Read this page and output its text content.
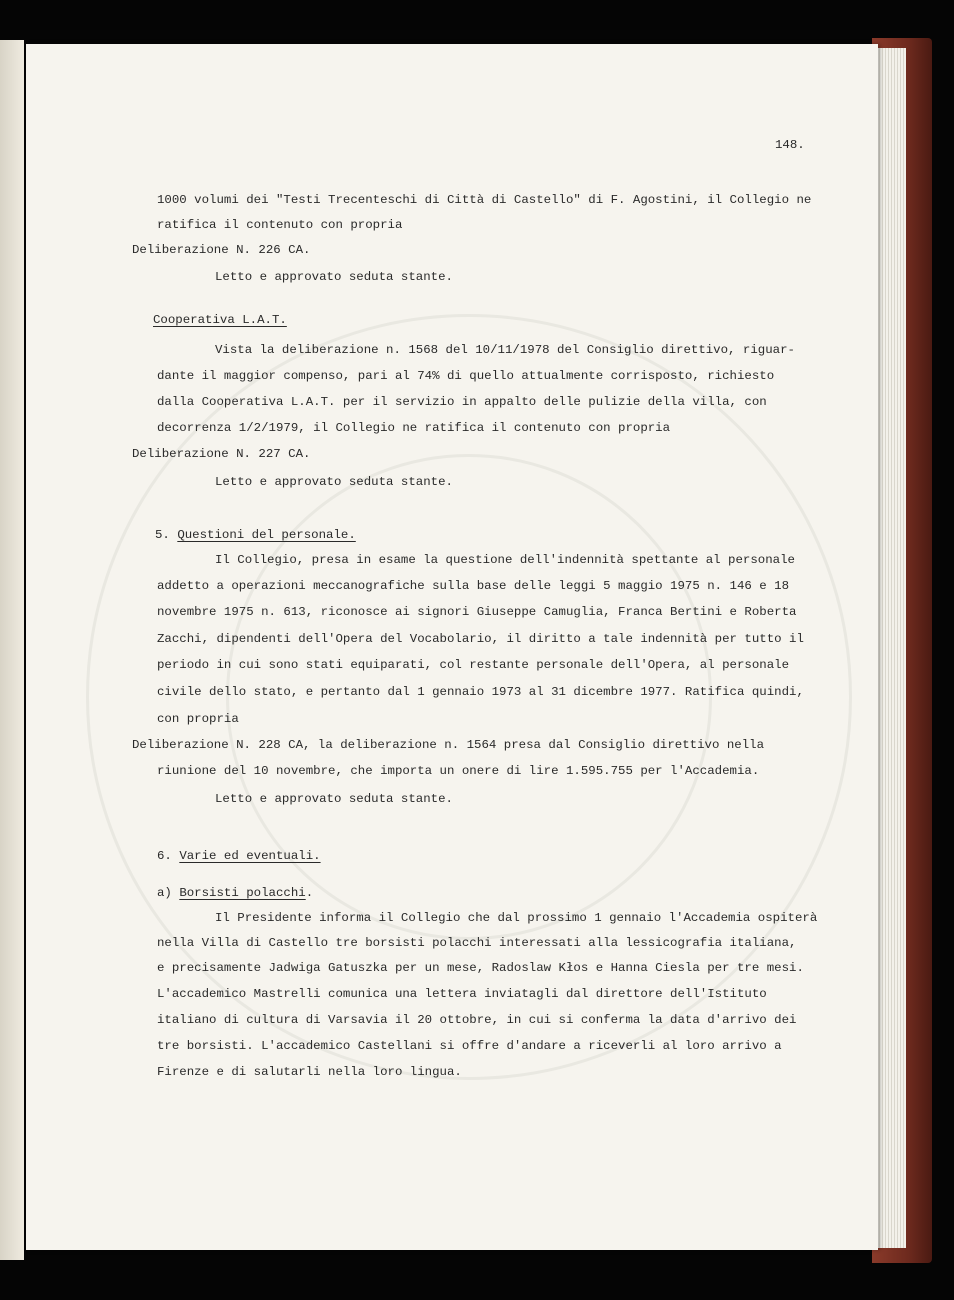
148.
1000 volumi dei "Testi Trecenteschi di Città di Castello" di F. Agostini, il Collegio ne
ratifica il contenuto con propria
Deliberazione N. 226 CA.
Letto e approvato seduta stante.
Cooperativa L.A.T.
Vista la deliberazione n. 1568 del 10/11/1978 del Consiglio direttivo, riguar-
dante il maggior compenso, pari al 74% di quello attualmente corrisposto, richiesto
dalla Cooperativa L.A.T. per il servizio in appalto delle pulizie della villa, con
decorrenza 1/2/1979, il Collegio ne ratifica il contenuto con propria
Deliberazione N. 227 CA.
Letto e approvato seduta stante.
5. Questioni del personale.
Il Collegio, presa in esame la questione dell'indennità spettante al personale
addetto a operazioni meccanografiche sulla base delle leggi 5 maggio 1975 n. 146 e 18
novembre 1975 n. 613, riconosce ai signori Giuseppe Camuglia, Franca Bertini e Roberta
Zacchi, dipendenti dell'Opera del Vocabolario, il diritto a tale indennità per tutto il
periodo in cui sono stati equiparati, col restante personale dell'Opera, al personale
civile dello stato, e pertanto dal 1 gennaio 1973 al 31 dicembre 1977. Ratifica quindi,
con propria
Deliberazione N. 228 CA, la deliberazione n. 1564 presa dal Consiglio direttivo nella
riunione del 10 novembre, che importa un onere di lire 1.595.755 per l'Accademia.
Letto e approvato seduta stante.
6. Varie ed eventuali.
a) Borsisti polacchi.
Il Presidente informa il Collegio che dal prossimo 1 gennaio l'Accademia ospiterà
nella Villa di Castello tre borsisti polacchi interessati alla lessicografia italiana,
e precisamente Jadwiga Gatuszka per un mese, Radoslaw Kłos e Hanna Ciesla per tre mesi.
L'accademico Mastrelli comunica una lettera inviatagli dal direttore dell'Istituto
italiano di cultura di Varsavia il 20 ottobre, in cui si conferma la data d'arrivo dei
tre borsisti. L'accademico Castellani si offre d'andare a riceverli al loro arrivo a
Firenze e di salutarli nella loro lingua.
